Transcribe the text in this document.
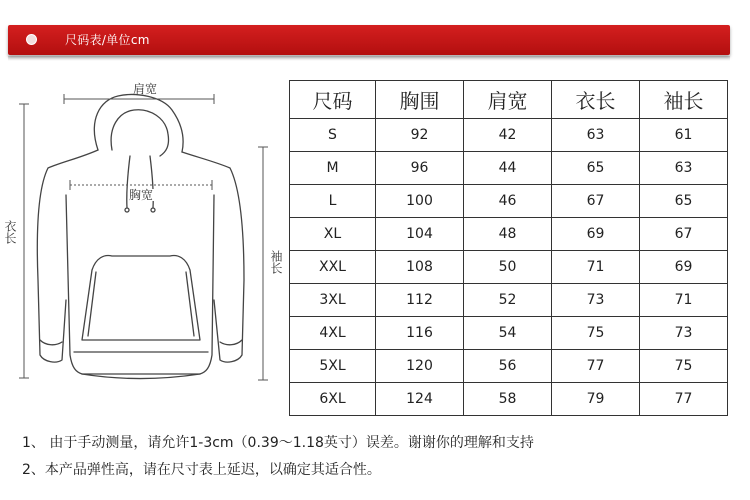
尺码表/单位cm
肩宽
胸宽
衣长
袖长
尺码	胸围	肩宽	衣长	袖长
S	92	42	63	61
M	96	44	65	63
L	100	46	67	65
XL	104	48	69	67
XXL	108	50	71	69
3XL	112	52	73	71
4XL	116	54	75	73
5XL	120	56	77	75
6XL	124	58	79	77
1、 由于手动测量，请允许1-3cm（0.39～1.18英寸）误差。谢谢你的理解和支持
2、本产品弹性高，请在尺寸表上延迟，以确定其适合性。
